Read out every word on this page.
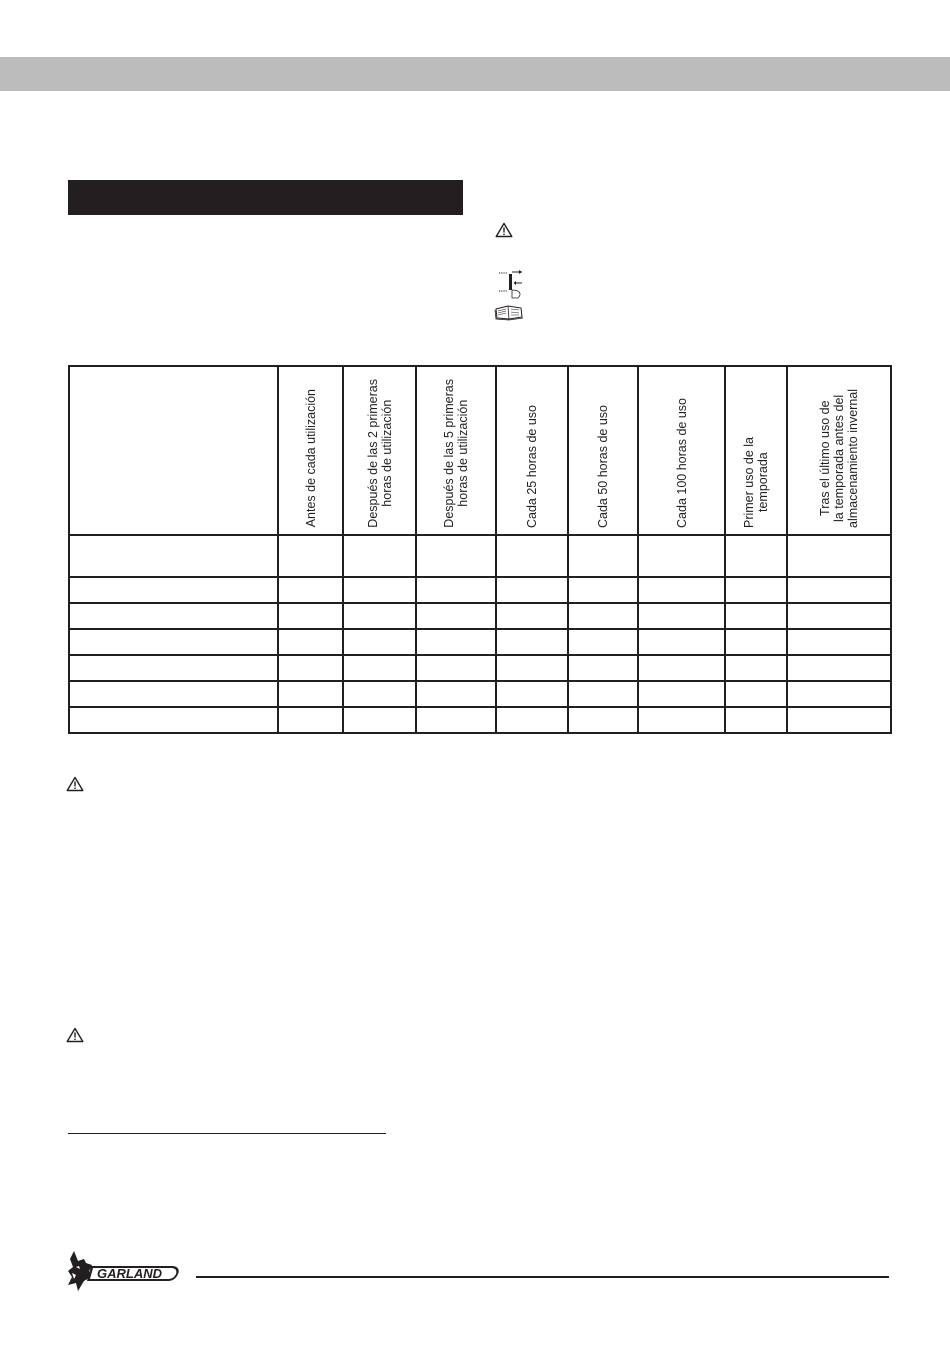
	Antes de cada utilización	Después de las 2 primeras horas de utilización	Después de las 5 primeras horas de utilización	Cada 25 horas de uso	Cada 50 horas de uso	Cada 100 horas de uso	Primer uso de la temporada	Tras el último uso de la temporada antes del almacenamiento invernal

GARLAND
